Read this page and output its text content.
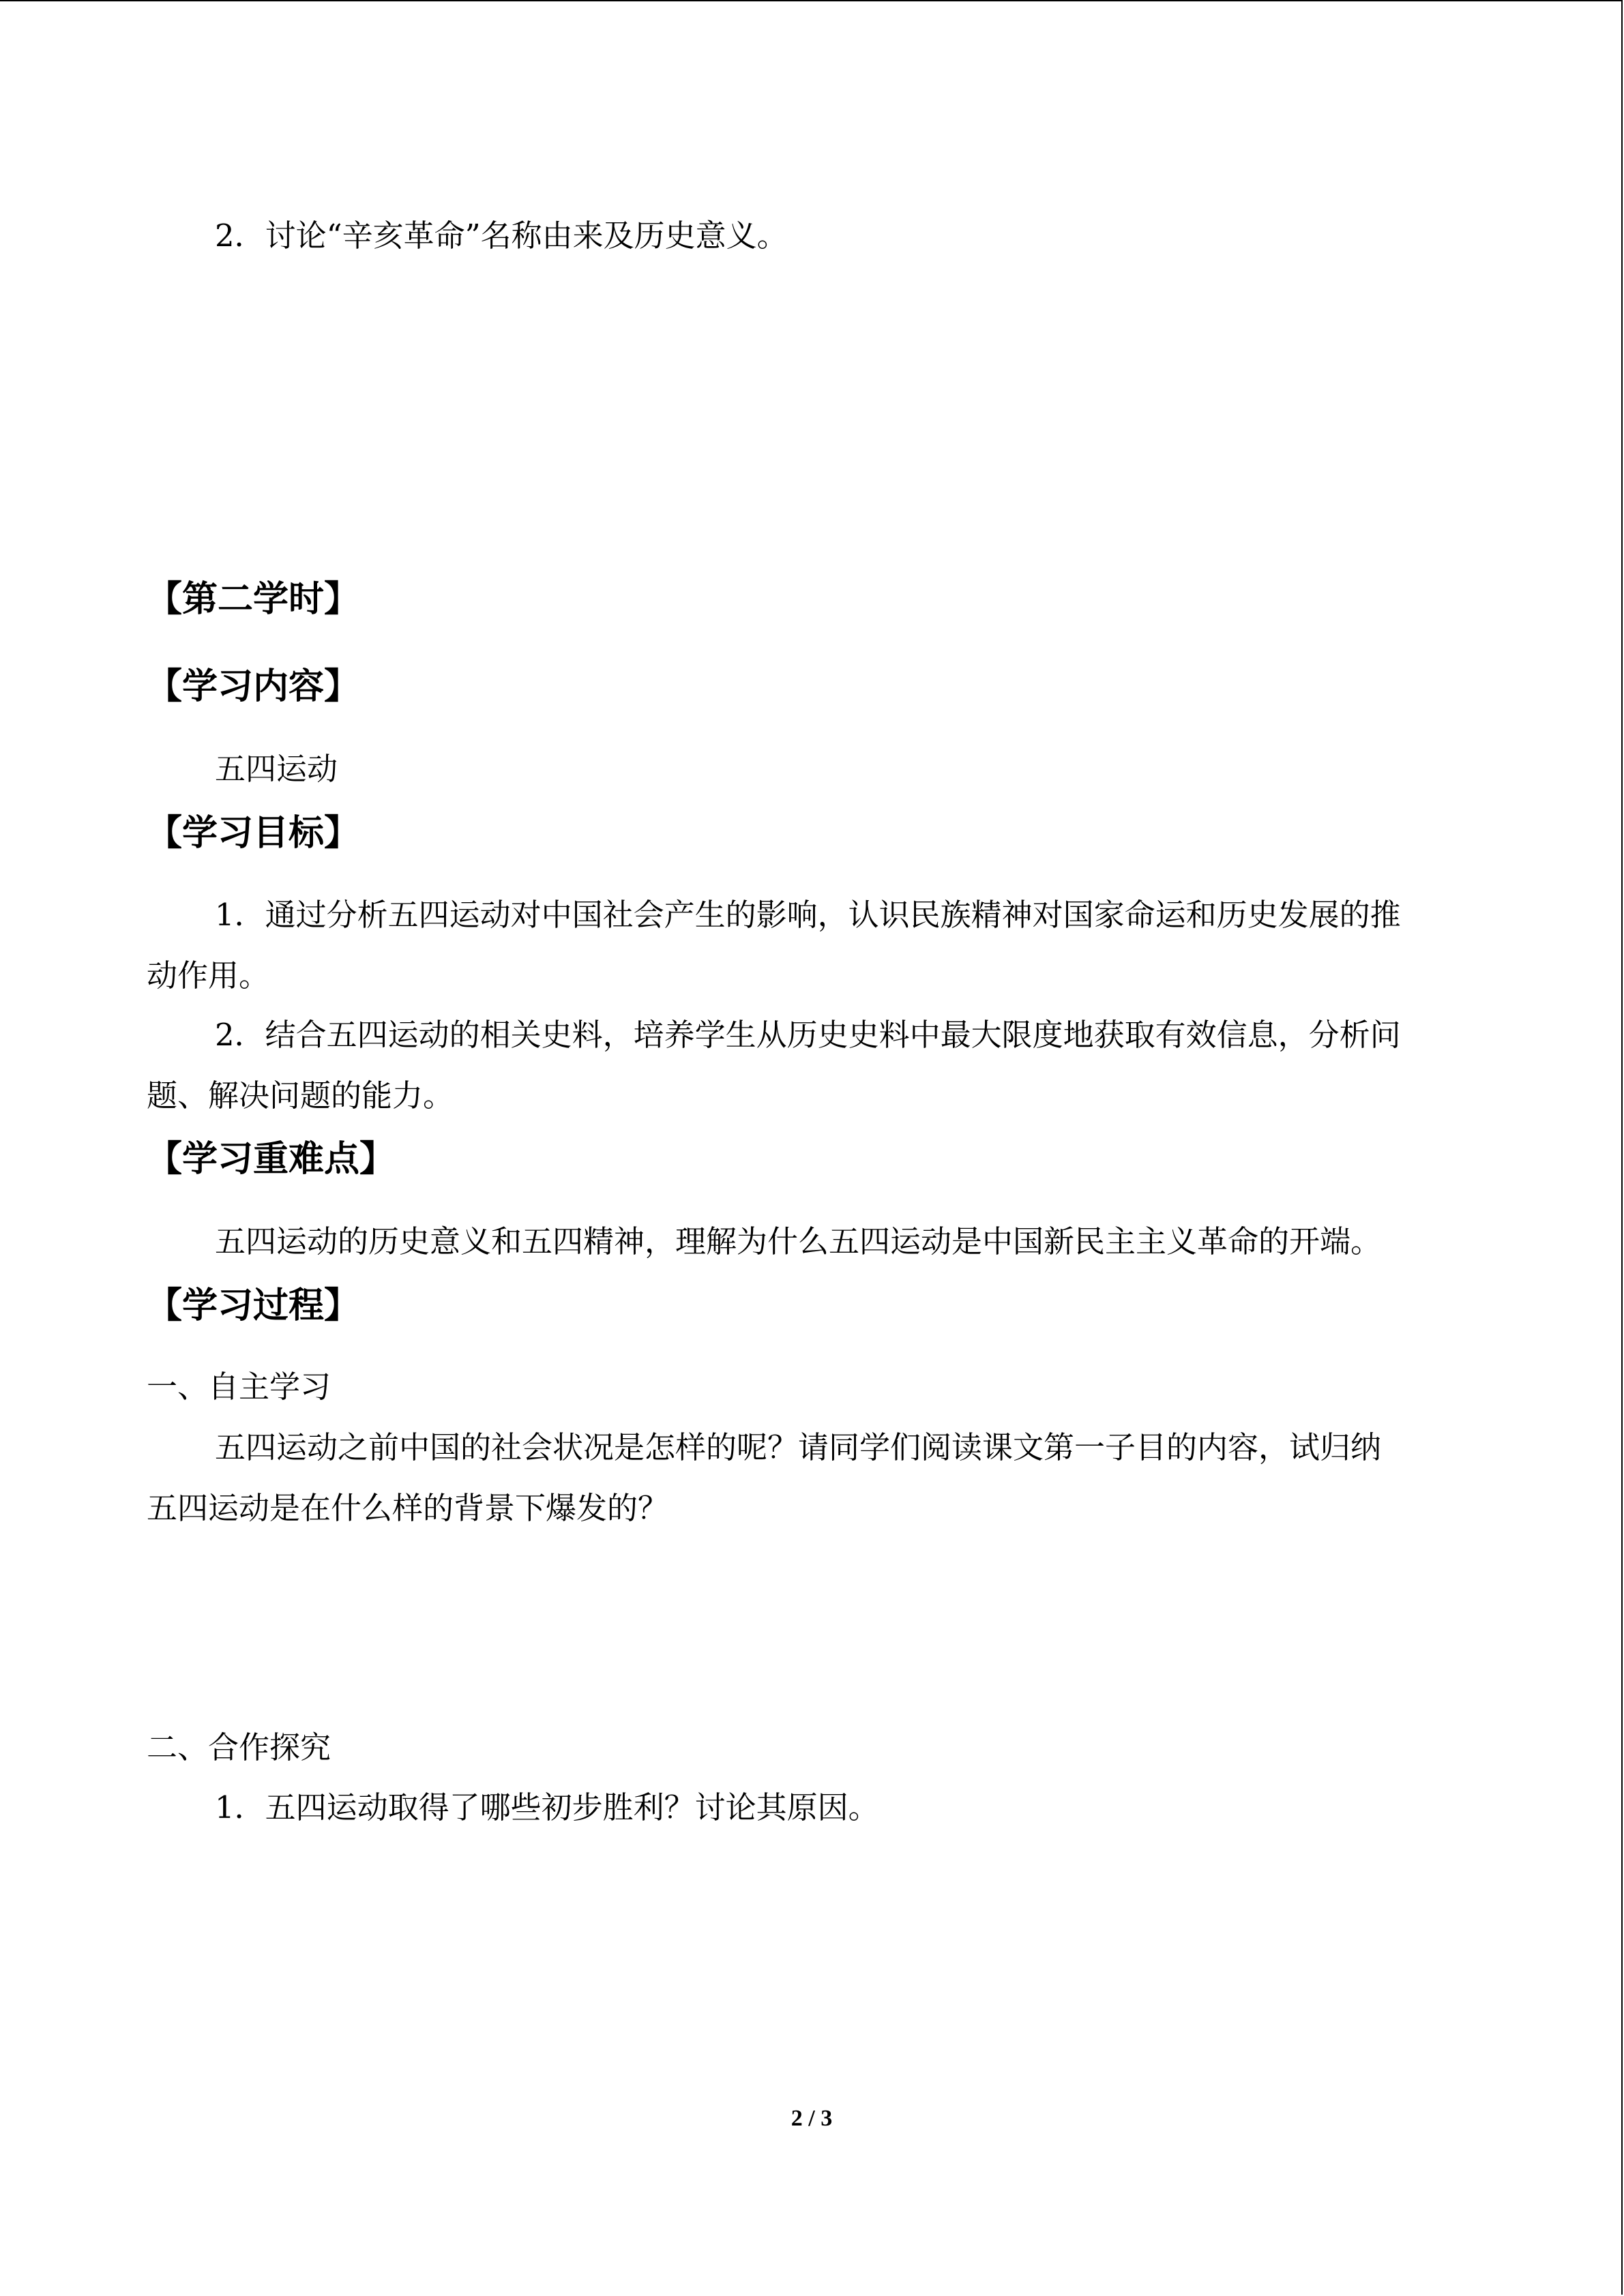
2．讨论“辛亥革命”名称由来及历史意义。
【第二学时】
【学习内容】
五四运动
【学习目标】
1．通过分析五四运动对中国社会产生的影响，认识民族精神对国家命运和历史发展的推
动作用。
2．结合五四运动的相关史料，培养学生从历史史料中最大限度地获取有效信息，分析问
题、解决问题的能力。
【学习重难点】
五四运动的历史意义和五四精神，理解为什么五四运动是中国新民主主义革命的开端。
【学习过程】
一、自主学习
五四运动之前中国的社会状况是怎样的呢？请同学们阅读课文第一子目的内容，试归纳
五四运动是在什么样的背景下爆发的？
二、合作探究
1．五四运动取得了哪些初步胜利？讨论其原因。
2 / 3
